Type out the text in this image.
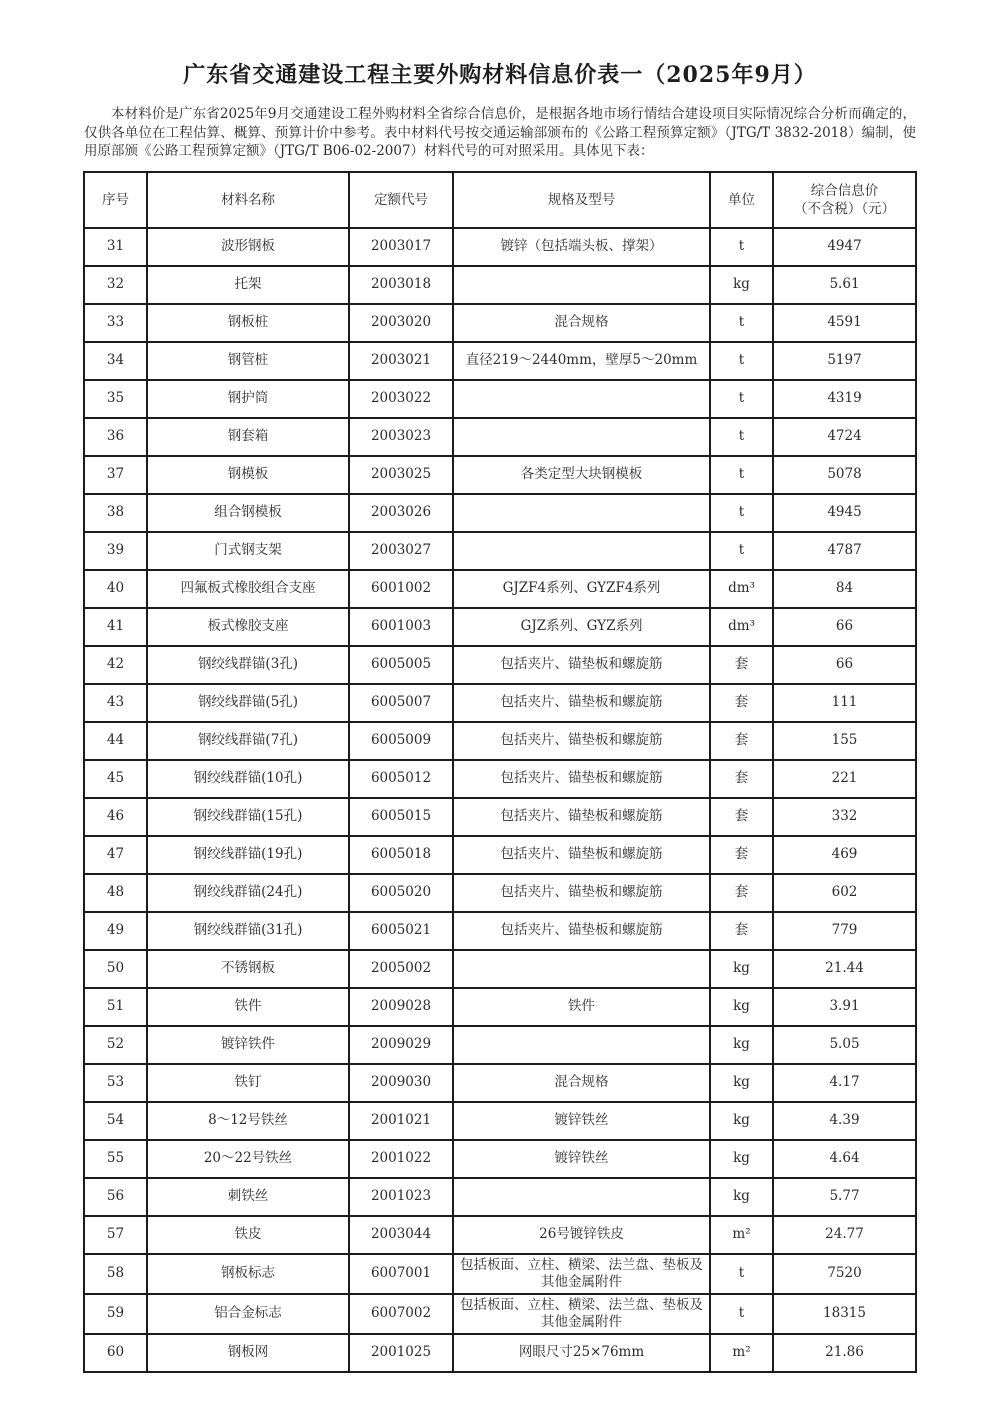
广东省交通建设工程主要外购材料信息价表一（2025年9月）

本材料价是广东省2025年9月交通建设工程外购材料全省综合信息价，是根据各地市场行情结合建设项目实际情况综合分析而确定的，仅供各单位在工程估算、概算、预算计价中参考。表中材料代号按交通运输部颁布的《公路工程预算定额》（JTG/T 3832-2018）编制，使用原部颁《公路工程预算定额》（JTG/T B06-02-2007）材料代号的可对照采用。具体见下表：

序号	材料名称	定额代号	规格及型号	单位	综合信息价
（不含税）（元）

31	波形钢板	2003017	镀锌（包括端头板、撑架）	t	4947
32	托架	2003018		kg	5.61
33	钢板桩	2003020	混合规格	t	4591
34	钢管桩	2003021	直径219～2440mm，壁厚5～20mm	t	5197
35	钢护筒	2003022		t	4319
36	钢套箱	2003023		t	4724
37	钢模板	2003025	各类定型大块钢模板	t	5078
38	组合钢模板	2003026		t	4945
39	门式钢支架	2003027		t	4787
40	四氟板式橡胶组合支座	6001002	GJZF4系列、GYZF4系列	dm³	84
41	板式橡胶支座	6001003	GJZ系列、GYZ系列	dm³	66
42	钢绞线群锚(3孔)	6005005	包括夹片、锚垫板和螺旋筋	套	66
43	钢绞线群锚(5孔)	6005007	包括夹片、锚垫板和螺旋筋	套	111
44	钢绞线群锚(7孔)	6005009	包括夹片、锚垫板和螺旋筋	套	155
45	钢绞线群锚(10孔)	6005012	包括夹片、锚垫板和螺旋筋	套	221
46	钢绞线群锚(15孔)	6005015	包括夹片、锚垫板和螺旋筋	套	332
47	钢绞线群锚(19孔)	6005018	包括夹片、锚垫板和螺旋筋	套	469
48	钢绞线群锚(24孔)	6005020	包括夹片、锚垫板和螺旋筋	套	602
49	钢绞线群锚(31孔)	6005021	包括夹片、锚垫板和螺旋筋	套	779
50	不锈钢板	2005002		kg	21.44
51	铁件	2009028	铁件	kg	3.91
52	镀锌铁件	2009029		kg	5.05
53	铁钉	2009030	混合规格	kg	4.17
54	8～12号铁丝	2001021	镀锌铁丝	kg	4.39
55	20～22号铁丝	2001022	镀锌铁丝	kg	4.64
56	刺铁丝	2001023		kg	5.77
57	铁皮	2003044	26号镀锌铁皮	m²	24.77
58	钢板标志	6007001	包括板面、立柱、横梁、法兰盘、垫板及其他金属附件	t	7520
59	铝合金标志	6007002	包括板面、立柱、横梁、法兰盘、垫板及其他金属附件	t	18315
60	钢板网	2001025	网眼尺寸25×76mm	m²	21.86
